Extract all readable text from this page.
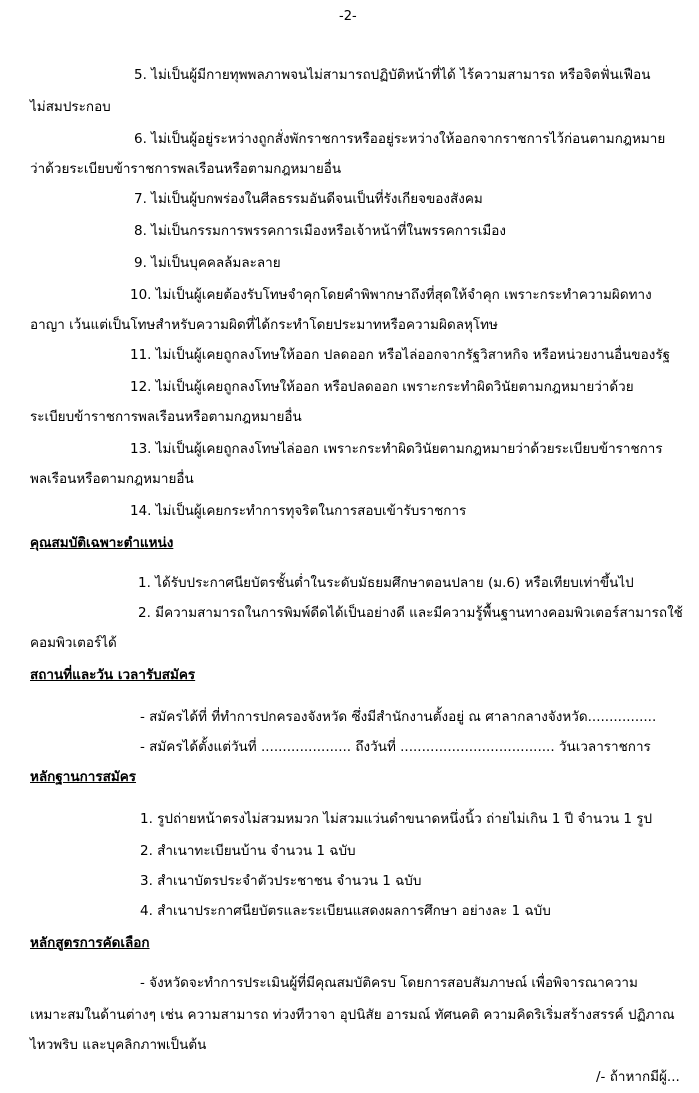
-2-
5. ไม่เป็นผู้มีกายทุพพลภาพจนไม่สามารถปฏิบัติหน้าที่ได้ ไร้ความสามารถ หรือจิตฟั่นเฟือน
ไม่สมประกอบ
6. ไม่เป็นผู้อยู่ระหว่างถูกสั่งพักราชการหรืออยู่ระหว่างให้ออกจากราชการไว้ก่อนตามกฎหมาย
ว่าด้วยระเบียบข้าราชการพลเรือนหรือตามกฎหมายอื่น
7. ไม่เป็นผู้บกพร่องในศีลธรรมอันดีจนเป็นที่รังเกียจของสังคม
8. ไม่เป็นกรรมการพรรคการเมืองหรือเจ้าหน้าที่ในพรรคการเมือง
9. ไม่เป็นบุคคลล้มละลาย
10. ไม่เป็นผู้เคยต้องรับโทษจำคุกโดยคำพิพากษาถึงที่สุดให้จำคุก เพราะกระทำความผิดทาง
อาญา เว้นแต่เป็นโทษสำหรับความผิดที่ได้กระทำโดยประมาทหรือความผิดลหุโทษ
11. ไม่เป็นผู้เคยถูกลงโทษให้ออก ปลดออก หรือไล่ออกจากรัฐวิสาหกิจ หรือหน่วยงานอื่นของรัฐ
12. ไม่เป็นผู้เคยถูกลงโทษให้ออก หรือปลดออก เพราะกระทำผิดวินัยตามกฎหมายว่าด้วย
ระเบียบข้าราชการพลเรือนหรือตามกฎหมายอื่น
13. ไม่เป็นผู้เคยถูกลงโทษไล่ออก เพราะกระทำผิดวินัยตามกฎหมายว่าด้วยระเบียบข้าราชการ
พลเรือนหรือตามกฎหมายอื่น
14. ไม่เป็นผู้เคยกระทำการทุจริตในการสอบเข้ารับราชการ
คุณสมบัติเฉพาะตำแหน่ง
1. ได้รับประกาศนียบัตรชั้นต่ำในระดับมัธยมศึกษาตอนปลาย (ม.6) หรือเทียบเท่าขึ้นไป
2. มีความสามารถในการพิมพ์ดีดได้เป็นอย่างดี และมีความรู้พื้นฐานทางคอมพิวเตอร์สามารถใช้
คอมพิวเตอร์ได้
สถานที่และวัน เวลารับสมัคร
- สมัครได้ที่ ที่ทำการปกครองจังหวัด ซึ่งมีสำนักงานตั้งอยู่ ณ ศาลากลางจังหวัด................
- สมัครได้ตั้งแต่วันที่ ..................... ถึงวันที่ .................................... วันเวลาราชการ
หลักฐานการสมัคร
1. รูปถ่ายหน้าตรงไม่สวมหมวก ไม่สวมแว่นดำขนาดหนึ่งนิ้ว ถ่ายไม่เกิน 1 ปี จำนวน 1 รูป
2. สำเนาทะเบียนบ้าน จำนวน 1 ฉบับ
3. สำเนาบัตรประจำตัวประชาชน จำนวน 1 ฉบับ
4. สำเนาประกาศนียบัตรและระเบียนแสดงผลการศึกษา อย่างละ 1 ฉบับ
หลักสูตรการคัดเลือก
- จังหวัดจะทำการประเมินผู้ที่มีคุณสมบัติครบ โดยการสอบสัมภาษณ์ เพื่อพิจารณาความ
เหมาะสมในด้านต่างๆ เช่น ความสามารถ ท่วงทีวาจา อุปนิสัย อารมณ์ ทัศนคติ ความคิดริเริ่มสร้างสรรค์ ปฏิภาณ
ไหวพริบ และบุคลิกภาพเป็นต้น
/- ถ้าหากมีผู้...
